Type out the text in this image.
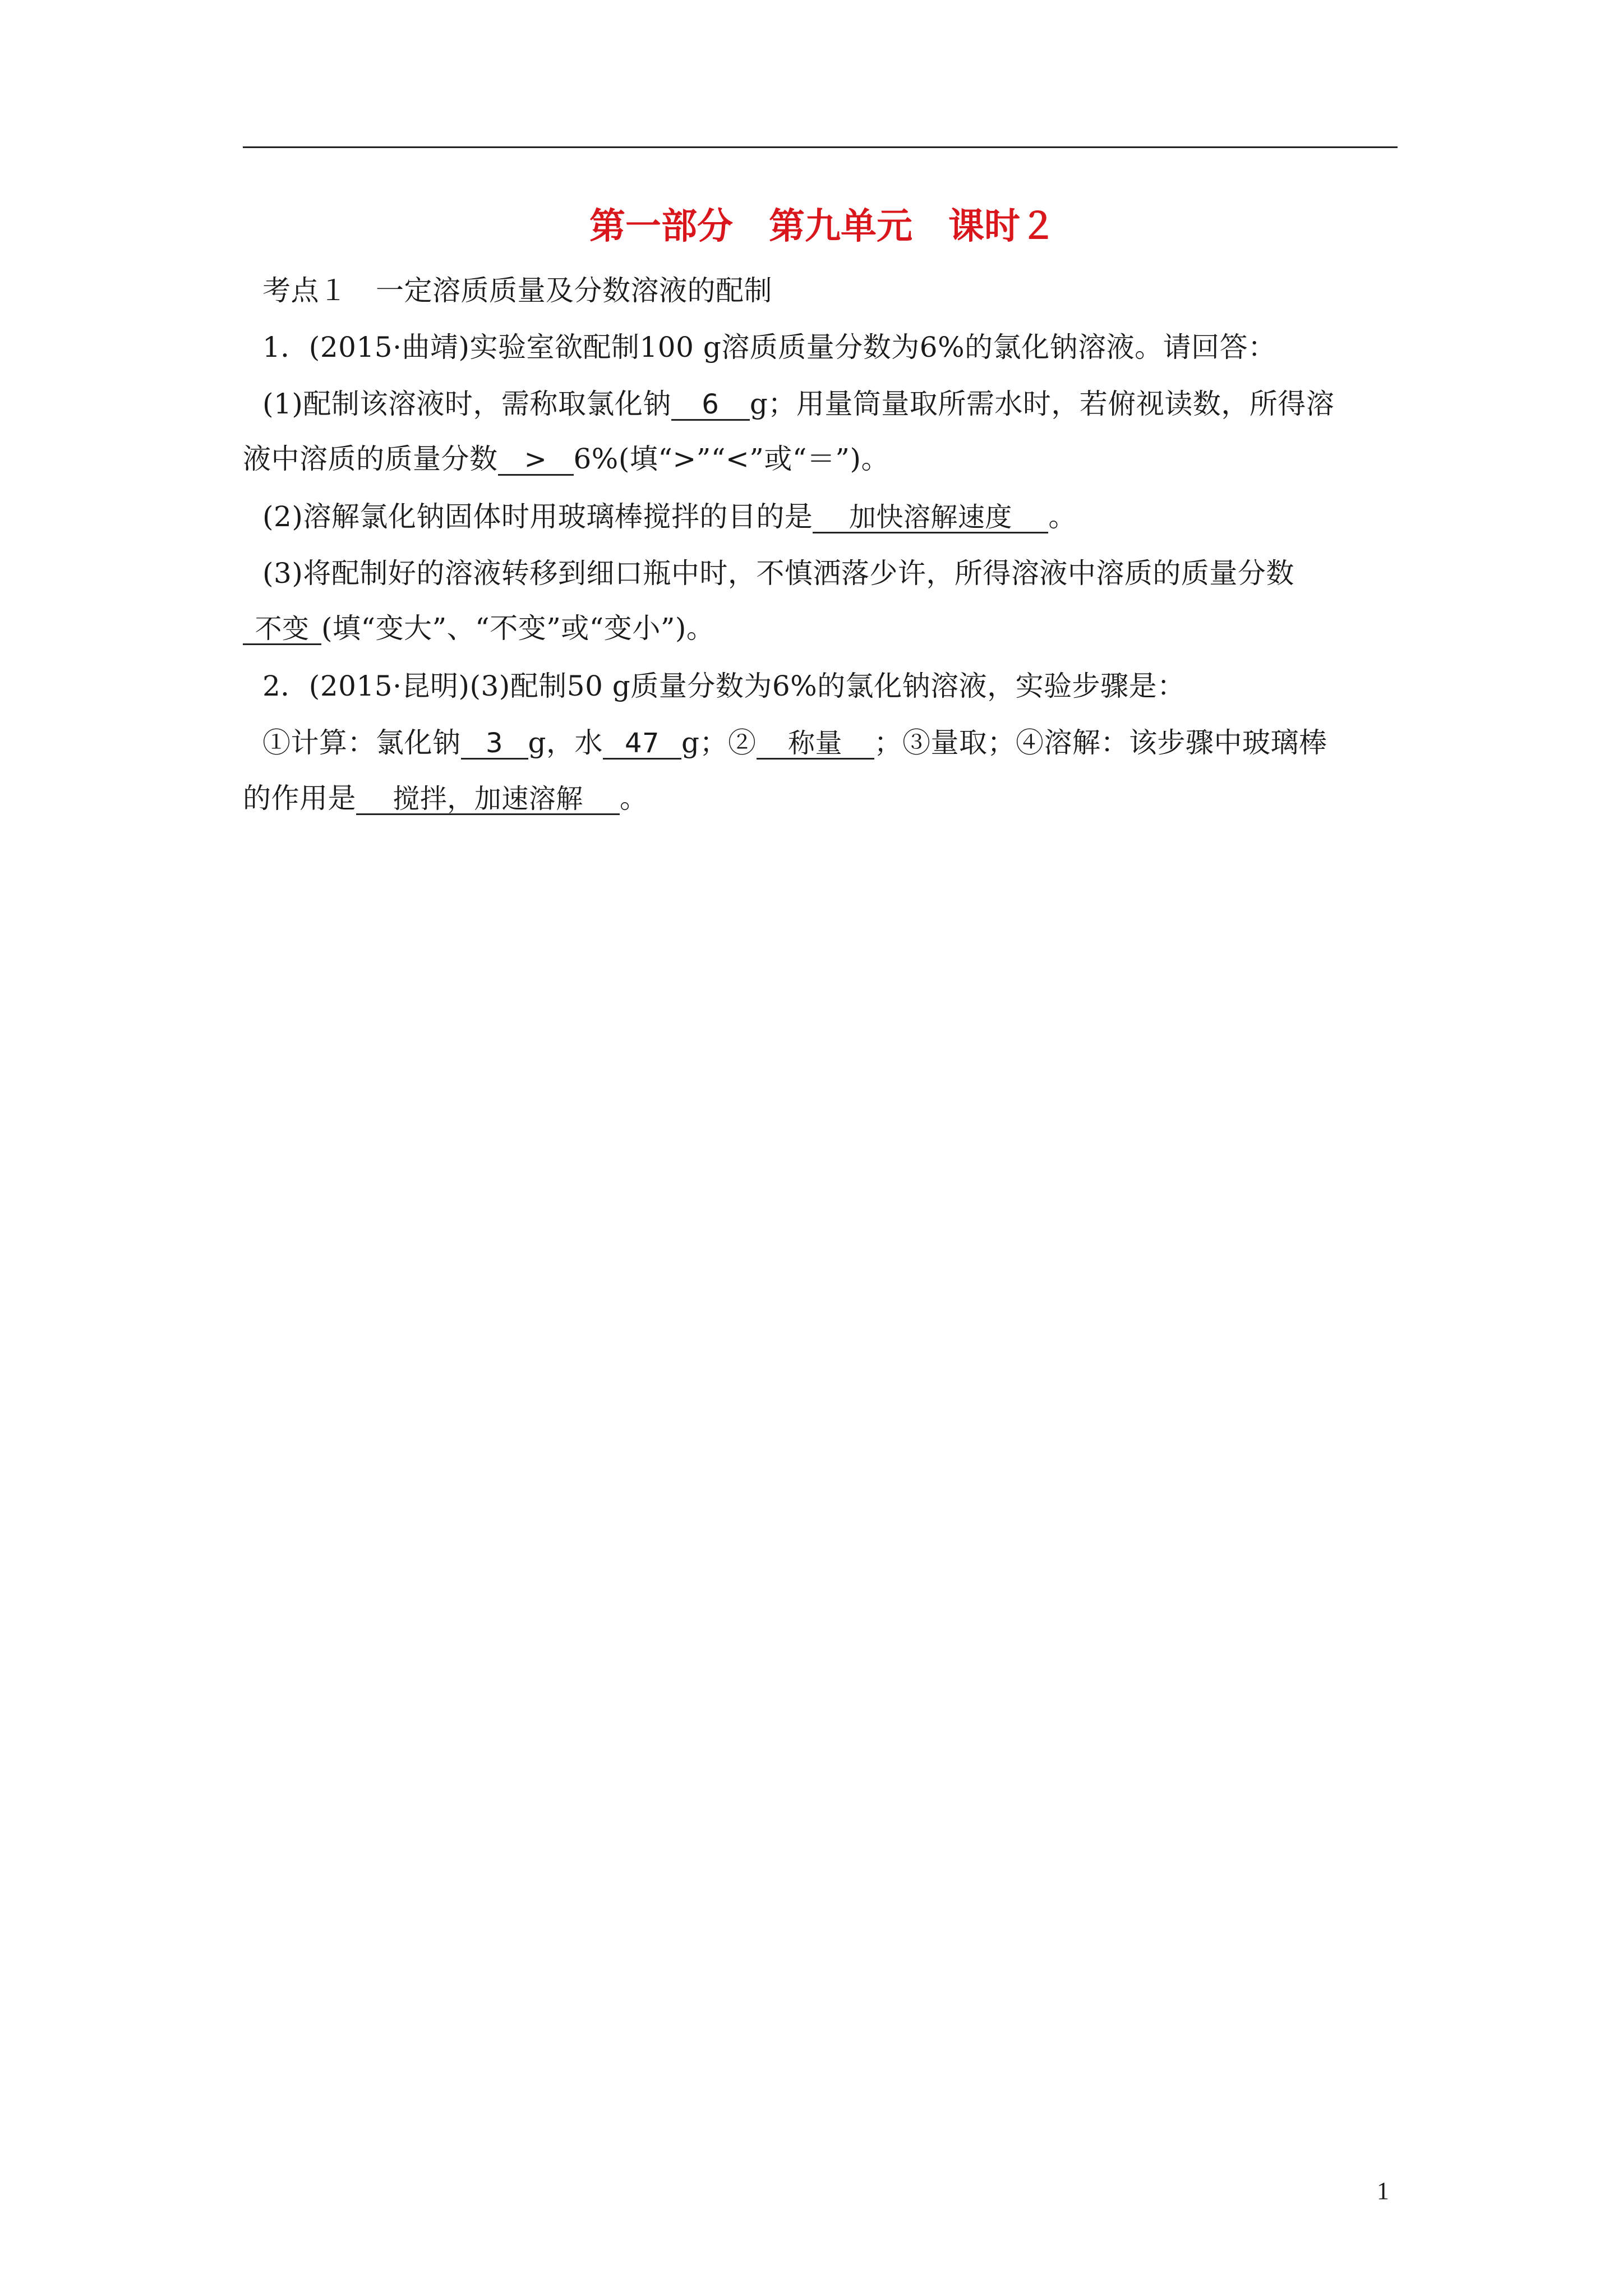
第一部分　第九单元　课时２
考点１　一定溶质质量及分数溶液的配制
1．(2015·曲靖)实验室欲配制100 g溶质质量分数为6%的氯化钠溶液。请回答：
(1)配制该溶液时，需称取氯化钠 6 g；用量筒量取所需水时，若俯视读数，所得溶
液中溶质的质量分数 > 6%(填“>”“<”或“＝”)。
(2)溶解氯化钠固体时用玻璃棒搅拌的目的是 加快溶解速度 。
(3)将配制好的溶液转移到细口瓶中时，不慎洒落少许，所得溶液中溶质的质量分数
不变 (填“变大”、“不变”或“变小”)。
2．(2015·昆明)(3)配制50 g质量分数为6%的氯化钠溶液，实验步骤是：
①计算：氯化钠 3 g，水 47 g；② 称量 ；③量取；④溶解：该步骤中玻璃棒
的作用是 搅拌，加速溶解 。
1
